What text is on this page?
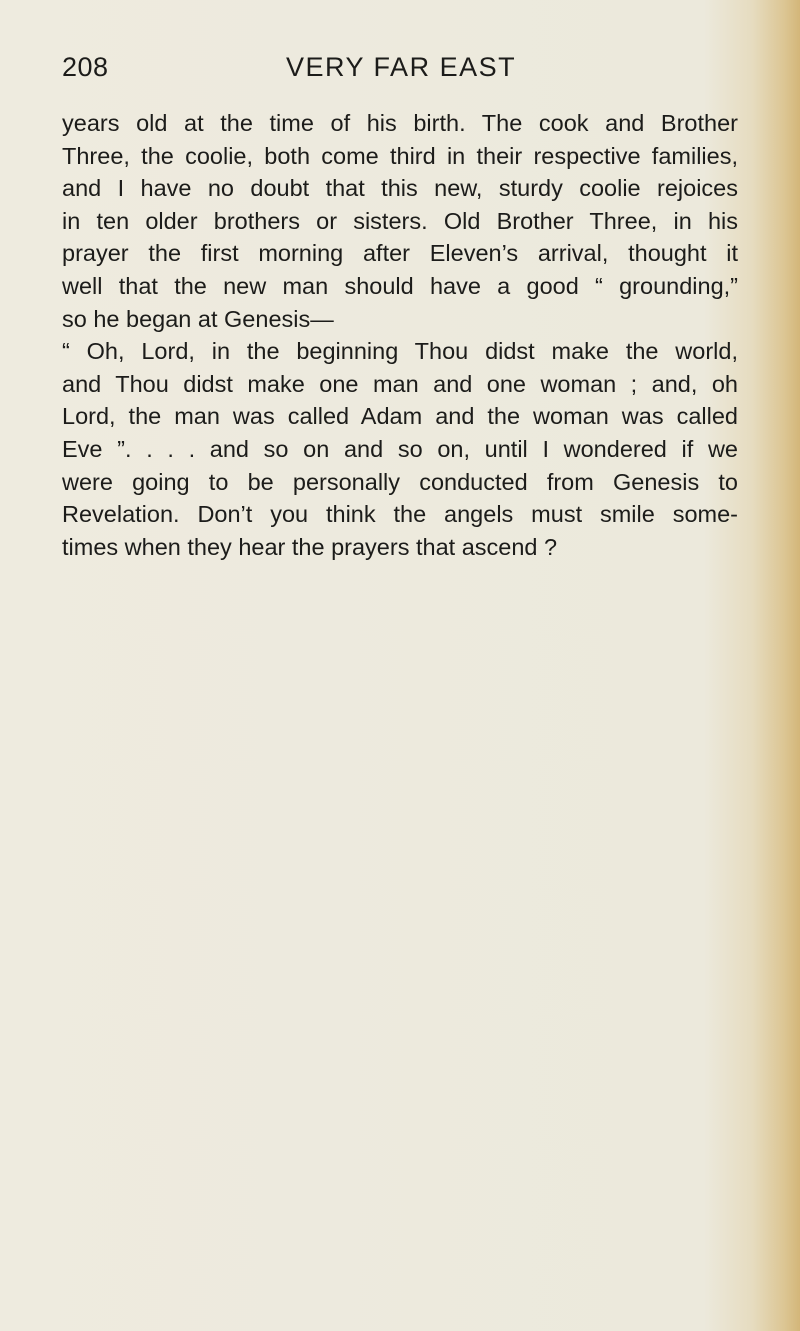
208	VERY FAR EAST
years old at the time of his birth. The cook and Brother
Three, the coolie, both come third in their respective families,
and I have no doubt that this new, sturdy coolie rejoices
in ten older brothers or sisters. Old Brother Three, in his
prayer the first morning after Eleven’s arrival, thought it
well that the new man should have a good “ grounding,”
so he began at Genesis—
“ Oh, Lord, in the beginning Thou didst make the world,
and Thou didst make one man and one woman ; and, oh
Lord, the man was called Adam and the woman was called
Eve ”. . . . and so on and so on, until I wondered if we
were going to be personally conducted from Genesis to
Revelation. Don’t you think the angels must smile some-
times when they hear the prayers that ascend ?
